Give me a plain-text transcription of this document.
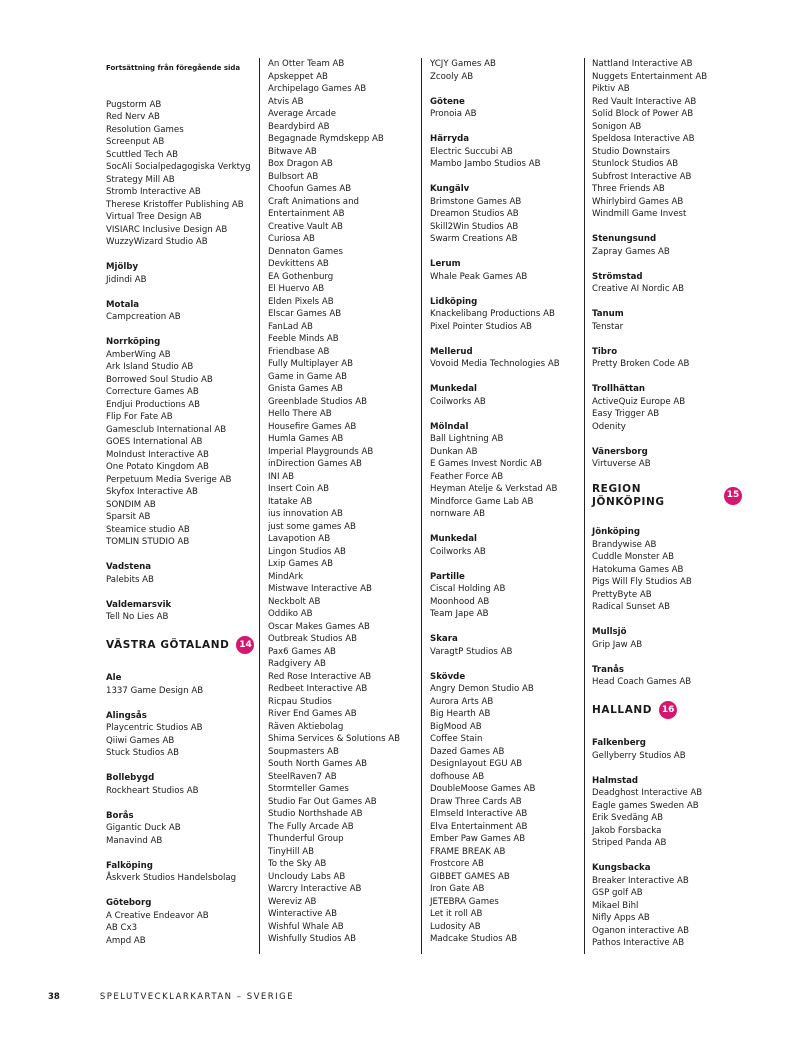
Fortsättning från föregående sida
Pugstorm AB
Red Nerv AB
Resolution Games
Screenput AB
Scuttled Tech AB
SocAli Socialpedagogiska Verktyg
Strategy Mill AB
Stromb Interactive AB
Therese Kristoffer Publishing AB
Virtual Tree Design AB
VISIARC Inclusive Design AB
WuzzyWizard Studio AB
Mjölby
Jidindi AB
Motala
Campcreation AB
Norrköping
AmberWing AB
Ark Island Studio AB
Borrowed Soul Studio AB
Correcture Games AB
Endjui Productions AB
Flip For Fate AB
Gamesclub International AB
GOES International AB
MoIndust Interactive AB
One Potato Kingdom AB
Perpetuum Media Sverige AB
Skyfox Interactive AB
SONDIM AB
Sparsit AB
Steamice studio AB
TOMLIN STUDIO AB
Vadstena
Palebits AB
Valdemarsvik
Tell No Lies AB
VÄSTRA GÖTALAND	14
Ale
1337 Game Design AB
Alingsås
Playcentric Studios AB
Qiiwi Games AB
Stuck Studios AB
Bollebygd
Rockheart Studios AB
Borås
Gigantic Duck AB
Manavind AB
Falköping
Åskverk Studios Handelsbolag
Göteborg
A Creative Endeavor AB
AB Cx3
Ampd AB
An Otter Team AB
Apskeppet AB
Archipelago Games AB
Atvis AB
Average Arcade
Beardybird AB
Begagnade Rymdskepp AB
Bitwave AB
Box Dragon AB
Bulbsort AB
Choofun Games AB
Craft Animations and
Entertainment AB
Creative Vault AB
Curiosa AB
Dennaton Games
Devkittens AB
EA Gothenburg
El Huervo AB
Elden Pixels AB
Elscar Games AB
FanLad AB
Feeble Minds AB
Friendbase AB
Fully Multiplayer AB
Game in Game AB
Gnista Games AB
Greenblade Studios AB
Hello There AB
Housefire Games AB
Humla Games AB
Imperial Playgrounds AB
inDirection Games AB
INI AB
Insert Coin AB
Itatake AB
ius innovation AB
just some games AB
Lavapotion AB
Lingon Studios AB
Lxip Games AB
MindArk
Mistwave Interactive AB
Neckbolt AB
Oddiko AB
Oscar Makes Games AB
Outbreak Studios AB
Pax6 Games AB
Radgivery AB
Red Rose Interactive AB
Redbeet Interactive AB
Ricpau Studios
River End Games AB
Räven Aktiebolag
Shima Services & Solutions AB
Soupmasters AB
South North Games AB
SteelRaven7 AB
Stormteller Games
Studio Far Out Games AB
Studio Northshade AB
The Fully Arcade AB
Thunderful Group
TinyHill AB
To the Sky AB
Uncloudy Labs AB
Warcry Interactive AB
Wereviz AB
Winteractive AB
Wishful Whale AB
Wishfully Studios AB
YCJY Games AB
Zcooly AB
Götene
Pronoia AB
Härryda
Electric Succubi AB
Mambo Jambo Studios AB
Kungälv
Brimstone Games AB
Dreamon Studios AB
Skill2Win Studios AB
Swarm Creations AB
Lerum
Whale Peak Games AB
Lidköping
Knackelibang Productions AB
Pixel Pointer Studios AB
Mellerud
Vovoid Media Technologies AB
Munkedal
Coilworks AB
Mölndal
Ball Lightning AB
Dunkan AB
E Games Invest Nordic AB
Feather Force AB
Heyman Atelje & Verkstad AB
Mindforce Game Lab AB
nornware AB
Munkedal
Coilworks AB
Partille
Ciscal Holding AB
Moonhood AB
Team Jape AB
Skara
VaragtP Studios AB
Skövde
Angry Demon Studio AB
Aurora Arts AB
Big Hearth AB
BigMood AB
Coffee Stain
Dazed Games AB
Designlayout EGU AB
dofhouse AB
DoubleMoose Games AB
Draw Three Cards AB
Elmseld Interactive AB
Elva Entertainment AB
Ember Paw Games AB
FRAME BREAK AB
Frostcore AB
GIBBET GAMES AB
Iron Gate AB
JETEBRA Games
Let it roll AB
Ludosity AB
Madcake Studios AB
Nattland Interactive AB
Nuggets Entertainment AB
Piktiv AB
Red Vault Interactive AB
Solid Block of Power AB
Sonigon AB
Speldosa Interactive AB
Studio Downstairs
Stunlock Studios AB
Subfrost Interactive AB
Three Friends AB
Whirlybird Games AB
Windmill Game Invest
Stenungsund
Zapray Games AB
Strömstad
Creative AI Nordic AB
Tanum
Tenstar
Tibro
Pretty Broken Code AB
Trollhättan
ActiveQuiz Europe AB
Easy Trigger AB
Odenity
Vänersborg
Virtuverse AB
REGION JÖNKÖPING
15
Jönköping
Brandywise AB
Cuddle Monster AB
Hatokuma Games AB
Pigs Will Fly Studios AB
PrettyByte AB
Radical Sunset AB
Mullsjö
Grip Jaw AB
Tranås
Head Coach Games AB
HALLAND	16
Falkenberg
Gellyberry Studios AB
Halmstad
Deadghost Interactive AB
Eagle games Sweden AB
Erik Svedäng AB
Jakob Forsbacka
Striped Panda AB
Kungsbacka
Breaker Interactive AB
GSP golf AB
Mikael Bihl
Nifly Apps AB
Oganon interactive AB
Pathos Interactive AB
38	SPELUTVECKLARKARTAN – SVERIGE
